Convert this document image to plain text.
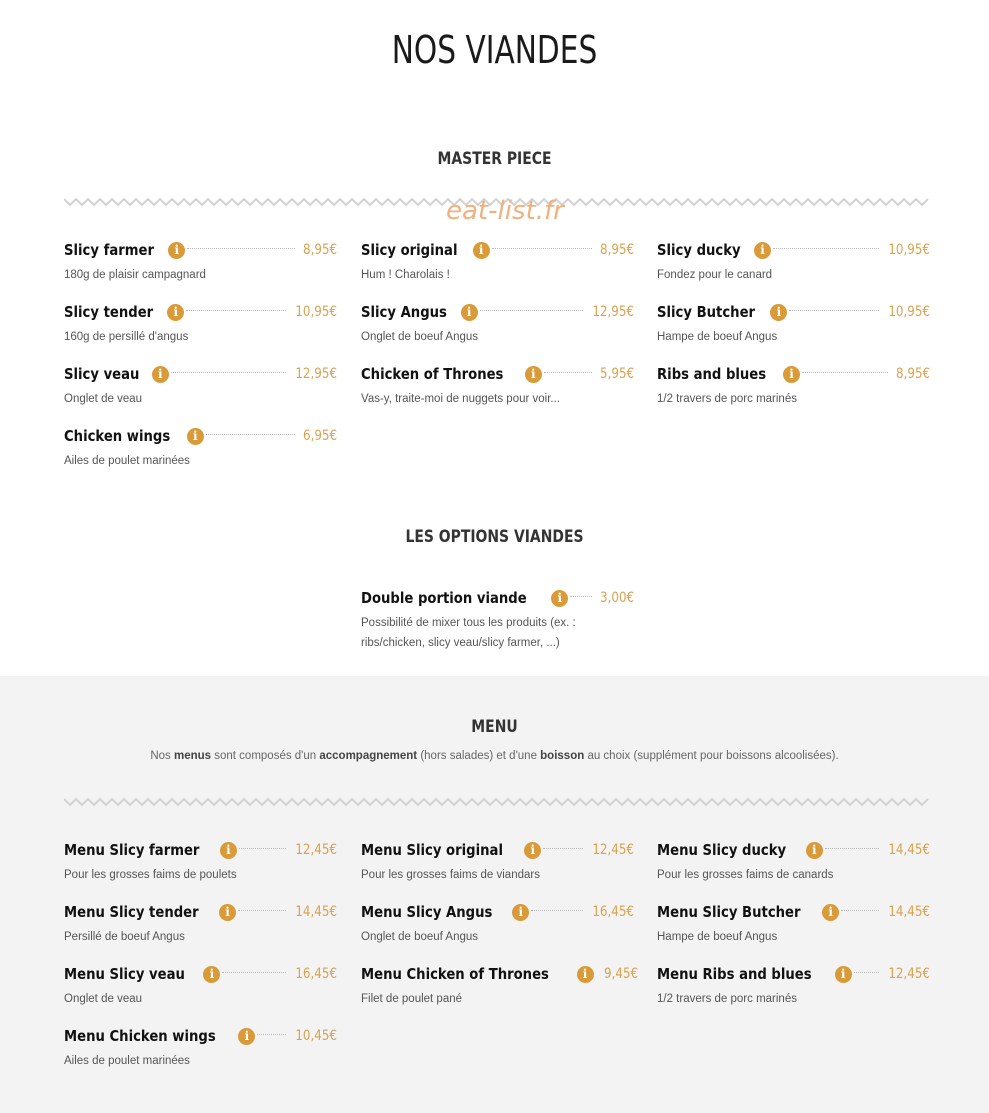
NOS VIANDES
MASTER PIECE
eat-list.fr
Slicy farmer	i	8,95€
180g de plaisir campagnard
Slicy original	i	8,95€
Hum ! Charolais !
Slicy ducky	i	10,95€
Fondez pour le canard
Slicy tender	i	10,95€
160g de persillé d'angus
Slicy Angus	i	12,95€
Onglet de boeuf Angus
Slicy Butcher	i	10,95€
Hampe de boeuf Angus
Slicy veau	i	12,95€
Onglet de veau
Chicken of Thrones	i	5,95€
Vas-y, traite-moi de nuggets pour voir...
Ribs and blues	i	8,95€
1/2 travers de porc marinés
Chicken wings	i	6,95€
Ailes de poulet marinées
LES OPTIONS VIANDES
Double portion viande	i	3,00€
Possibilité de mixer tous les produits (ex. : ribs/chicken, slicy veau/slicy farmer, ...)
MENU

Nos menus sont composés d'un accompagnement (hors salades) et d'une boisson au choix (supplément pour boissons alcoolisées).

Menu Slicy farmer	i	12,45€
Pour les grosses faims de poulets
Menu Slicy original	i	12,45€
Pour les grosses faims de viandars
Menu Slicy ducky	i	14,45€
Pour les grosses faims de canards
Menu Slicy tender	i	14,45€
Persillé de boeuf Angus
Menu Slicy Angus	i	16,45€
Onglet de boeuf Angus
Menu Slicy Butcher	i	14,45€
Hampe de boeuf Angus
Menu Slicy veau	i	16,45€
Onglet de veau
Menu Chicken of Thrones	i	9,45€
Filet de poulet pané
Menu Ribs and blues	i	12,45€
1/2 travers de porc marinés
Menu Chicken wings	i	10,45€
Ailes de poulet marinées
